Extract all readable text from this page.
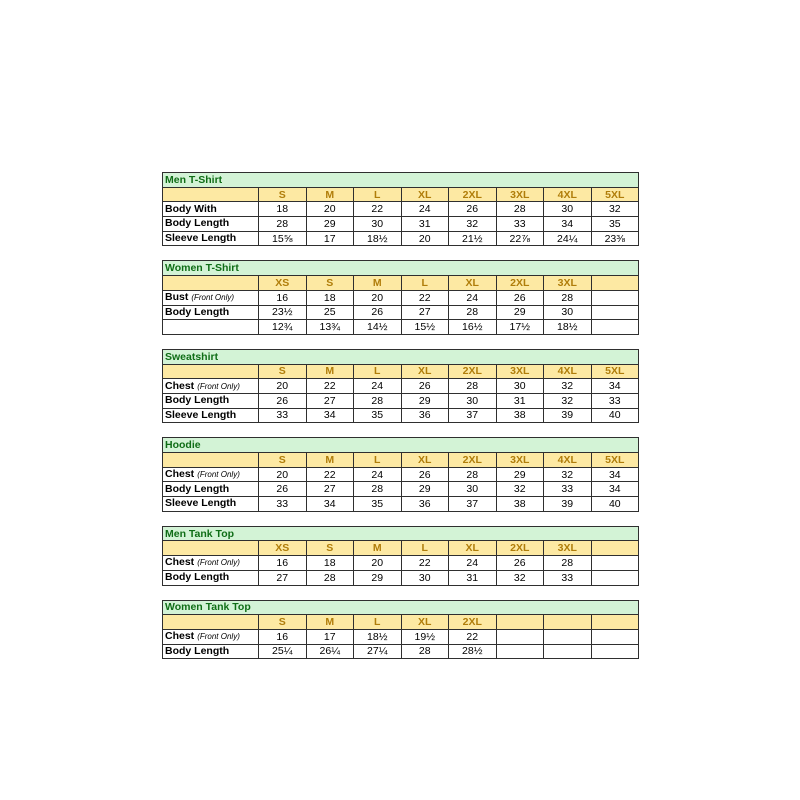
Men T-Shirt								
	S	M	L	XL	2XL	3XL	4XL	5XL
Body With	18	20	22	24	26	28	30	32
Body Length	28	29	30	31	32	33	34	35
Sleeve Length	15⅝	17	18½	20	21½	22⅞	24¼	23⅜
Women T-Shirt								
	XS	S	M	L	XL	2XL	3XL	
Bust (Front Only)	16	18	20	22	24	26	28	
Body Length	23½	25	26	27	28	29	30	
	12¾	13¾	14½	15½	16½	17½	18½	
Sweatshirt								
	S	M	L	XL	2XL	3XL	4XL	5XL
Chest (Front Only)	20	22	24	26	28	30	32	34
Body Length	26	27	28	29	30	31	32	33
Sleeve Length	33	34	35	36	37	38	39	40
Hoodie								
	S	M	L	XL	2XL	3XL	4XL	5XL
Chest (Front Only)	20	22	24	26	28	29	32	34
Body Length	26	27	28	29	30	32	33	34
Sleeve Length	33	34	35	36	37	38	39	40
Men Tank Top								
	XS	S	M	L	XL	2XL	3XL	
Chest (Front Only)	16	18	20	22	24	26	28	
Body Length	27	28	29	30	31	32	33	
Women Tank Top								
	S	M	L	XL	2XL			
Chest (Front Only)	16	17	18½	19½	22			
Body Length	25¼	26¼	27¼	28	28½			
